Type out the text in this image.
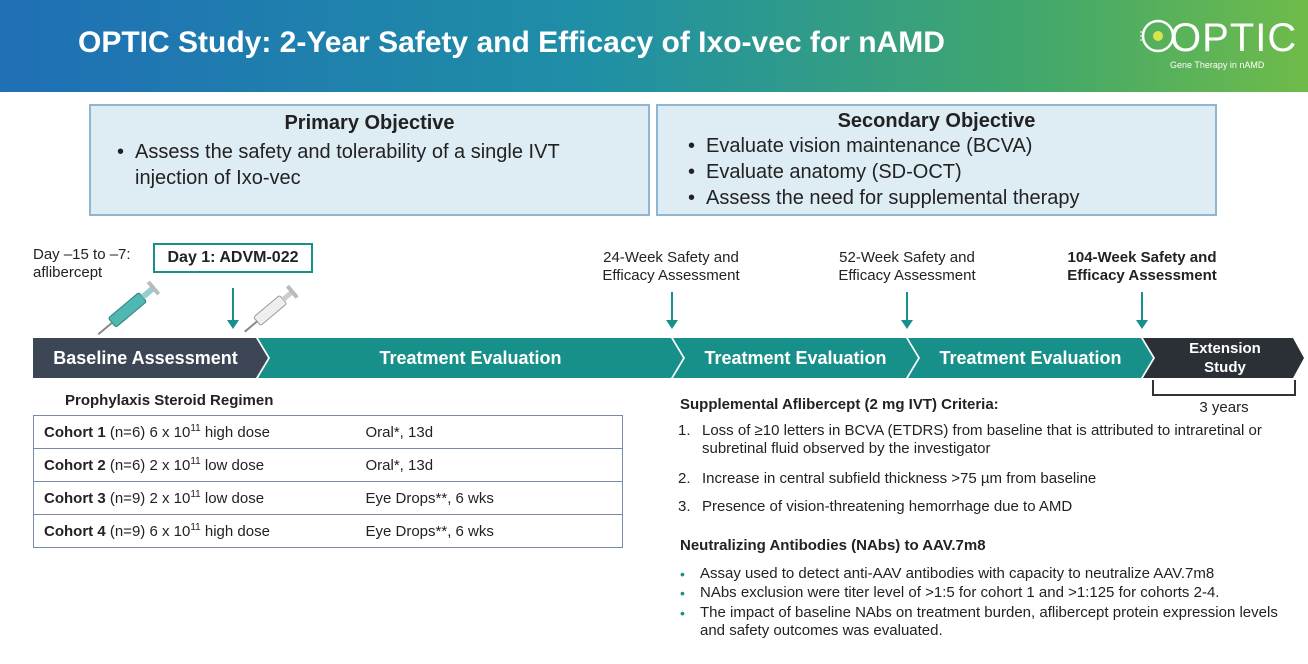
OPTIC Study: 2-Year Safety and Efficacy of Ixo-vec for nAMD	OPTIC
Gene Therapy in nAMD
Primary Objective
• Assess the safety and tolerability of a single IVT injection of Ixo-vec
Secondary Objective
• Evaluate vision maintenance (BCVA)
• Evaluate anatomy (SD-OCT)
• Assess the need for supplemental therapy
Day –15 to –7:
aflibercept
Day 1: ADVM-022	24-Week Safety and
Efficacy Assessment
52-Week Safety and
Efficacy Assessment
104-Week Safety and
Efficacy Assessment
Baseline Assessment	Treatment Evaluation	Treatment Evaluation	Treatment Evaluation	Extension
Study
3 years
Prophylaxis Steroid Regimen
Cohort 1 (n=6) 6 x $10^{11}$ high dose	Oral*, 13d
Cohort 2 (n=6) 2 x $10^{11}$ low dose	Oral*, 13d
Cohort 3 (n=9) 2 x $10^{11}$ low dose	Eye Drops**, 6 wks
Cohort 4 (n=9) 6 x $10^{11}$ high dose	Eye Drops**, 6 wks
Supplemental Aflibercept (2 mg IVT) Criteria:
1. Loss of ≥10 letters in BCVA (ETDRS) from baseline that is attributed to intraretinal or subretinal fluid observed by the investigator
2. Increase in central subfield thickness >75 µm from baseline
3. Presence of vision-threatening hemorrhage due to AMD
Neutralizing Antibodies (NAbs) to AAV.7m8
• Assay used to detect anti-AAV antibodies with capacity to neutralize AAV.7m8
• NAbs exclusion were titer level of >1:5 for cohort 1 and >1:125 for cohorts 2-4.
• The impact of baseline NAbs on treatment burden, aflibercept protein expression levels and safety outcomes was evaluated.
